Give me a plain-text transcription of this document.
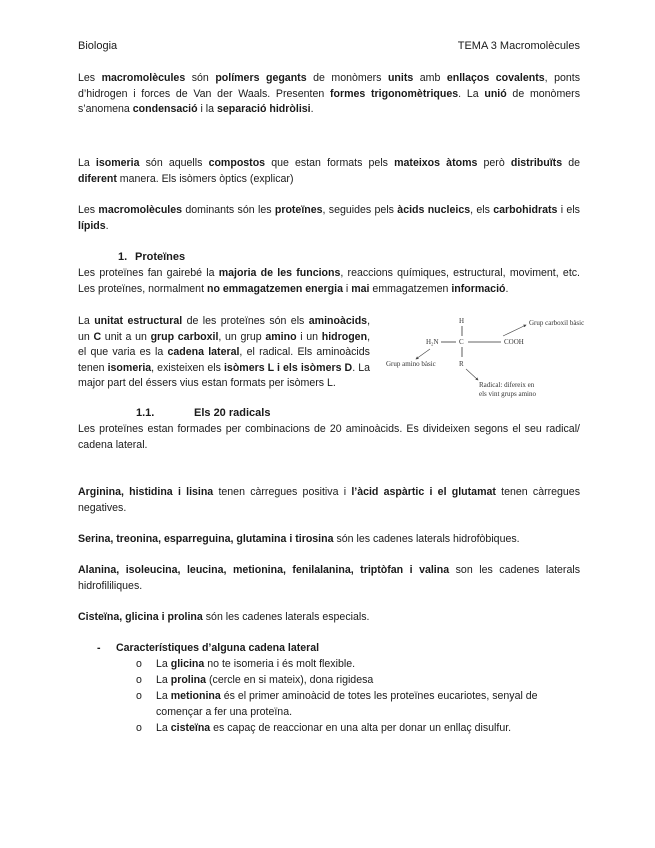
Biologia	TEMA 3 Macromolècules

Les macromolècules són polímers gegants de monòmers units amb enllaços covalents, ponts d’hidrogen i forces de Van der Waals. Presenten formes trigonomètriques. La unió de monòmers s’anomena condensació i la separació hidròlisi.

La isomeria són aquells compostos que estan formats pels mateixos àtoms però distribuïts de diferent manera. Els isòmers òptics (explicar)

Les macromolècules dominants són les proteïnes, seguides pels àcids nucleics, els carbohidrats i els lípids.

1. Proteïnes

Les proteïnes fan gairebé la majoria de les funcions, reaccions químiques, estructural, moviment, etc. Les proteïnes, normalment no emmagatzemen energia i mai emmagatzemen informació.

La unitat estructural de les proteïnes són els aminoàcids, un C unit a un grup carboxil, un grup amino i un hidrogen, el que varia es la cadena lateral, el radical. Els aminoàcids tenen isomeria, existeixen els isòmers L i els isòmers D. La major part del éssers vius estan formats per isòmers L.

H
H₂N	C	COOH
R
Grup carboxil bàsic
Grup amino bàsic
Radical: difereix en
els vint grups amino
1.1.	Els 20 radicals

Les proteïnes estan formades per combinacions de 20 aminoàcids. Es divideixen segons el seu radical/ cadena lateral.

Arginina, histidina i lisina tenen càrregues positiva i l’àcid aspàrtic i el glutamat tenen càrregues negatives.

Serina, treonina, esparreguina, glutamina i tirosina són les cadenes laterals hidrofòbiques.

Alanina, isoleucina, leucina, metionina, fenilalanina, triptòfan i valina son les cadenes laterals hidrofililiques.

Cisteïna, glicina i prolina són les cadenes laterals especials.

- Característiques d’alguna cadena lateral
o La glicina no te isomeria i és molt flexible.
o La prolina (cercle en si mateix), dona rigidesa
o La metionina és el primer aminoàcid de totes les proteïnes eucariotes, senyal de començar a fer una proteïna.
o La cisteïna es capaç de reaccionar en una alta per donar un enllaç disulfur.
